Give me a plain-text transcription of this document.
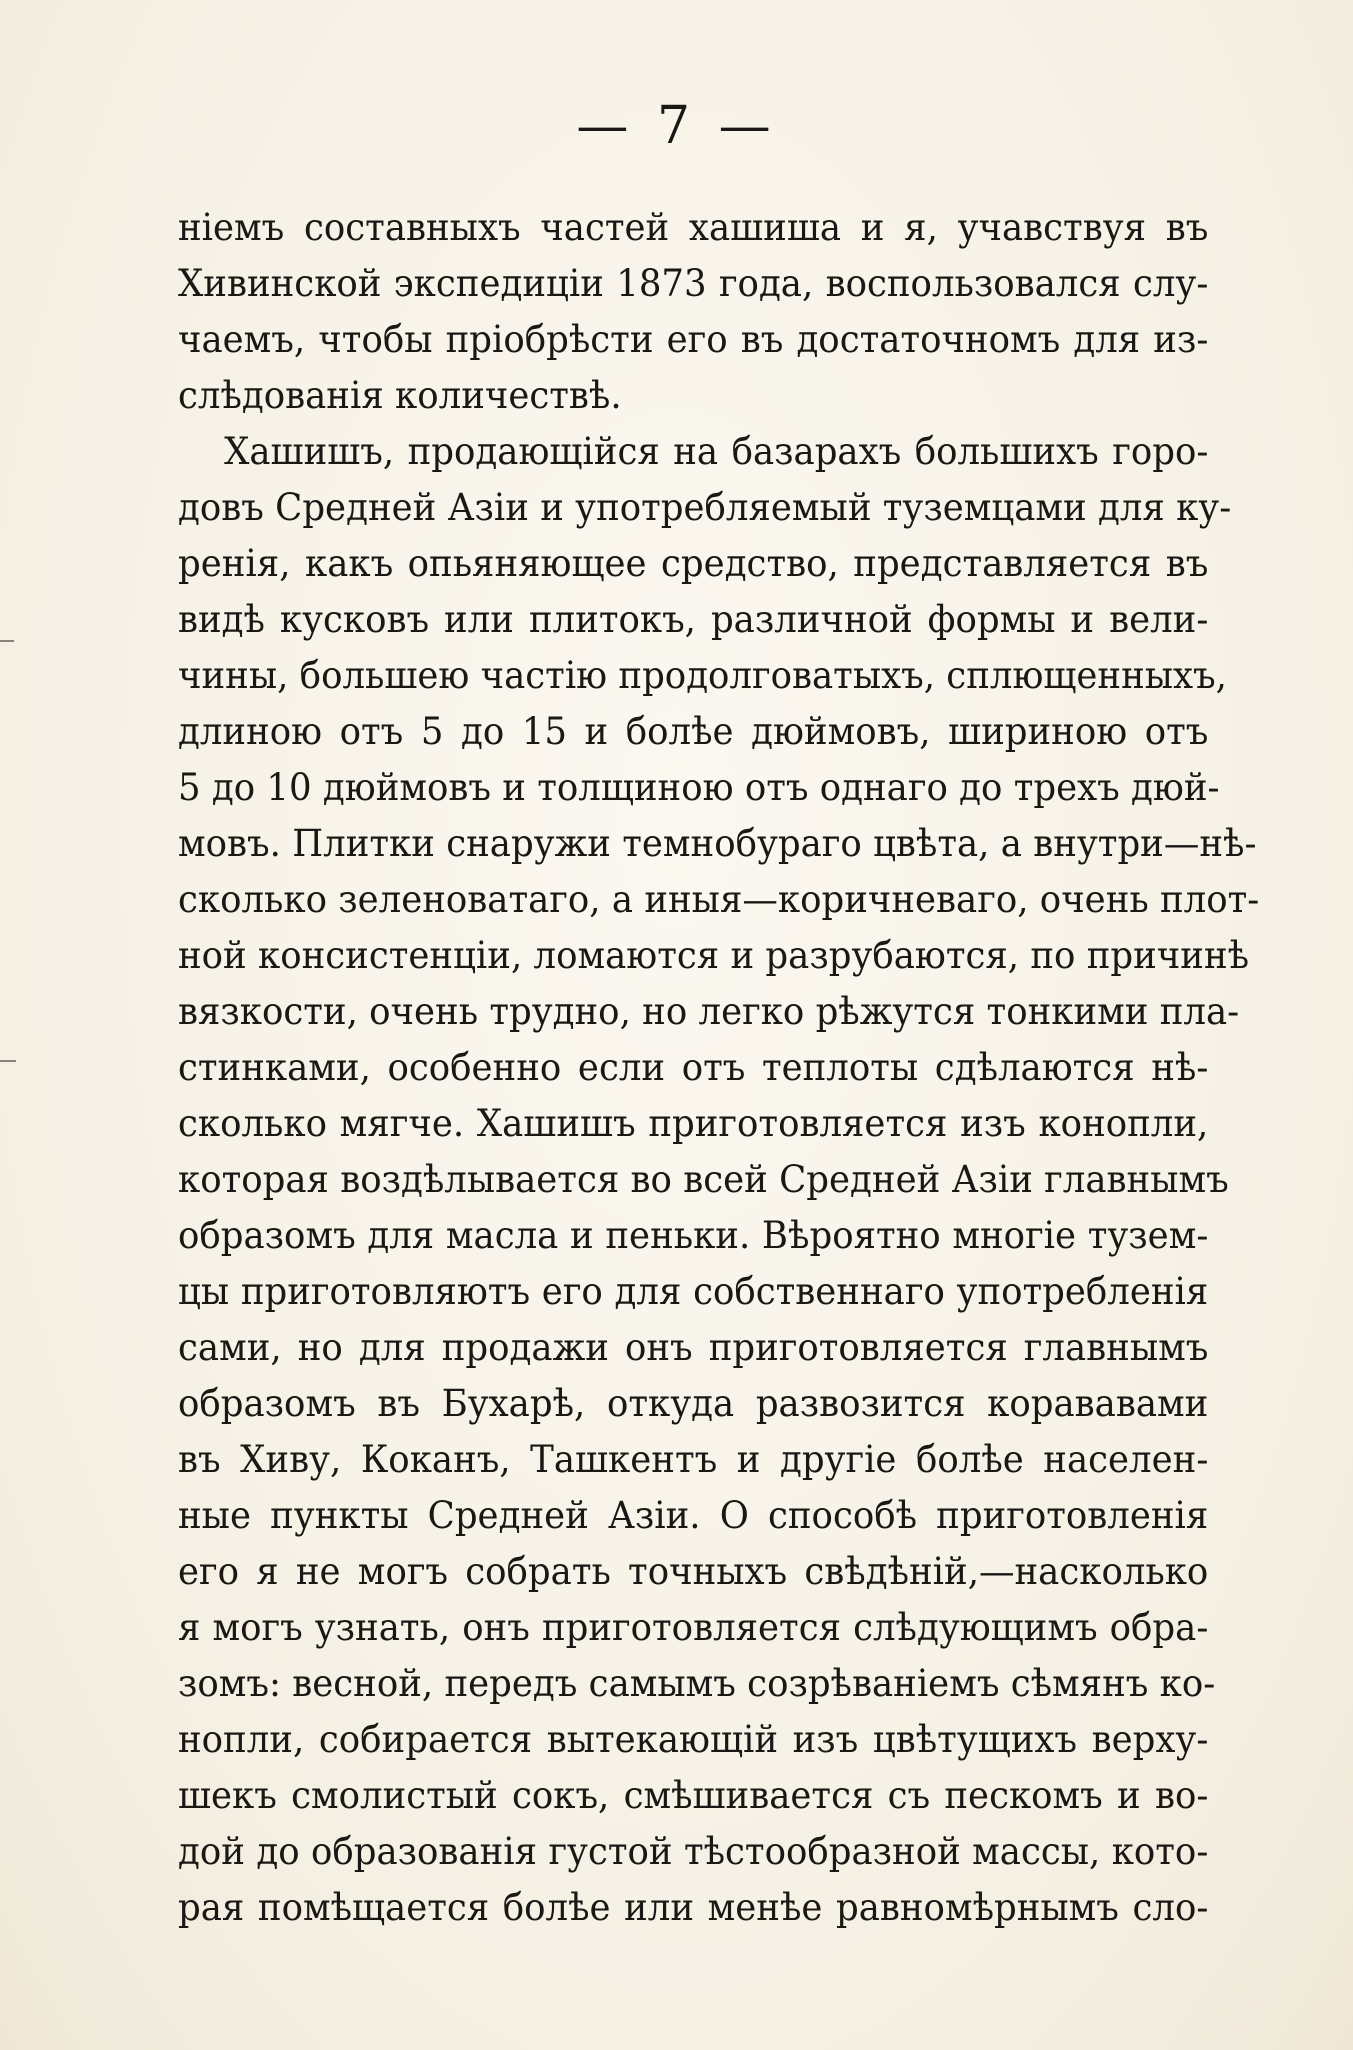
— 7 —
ніемъ составныхъ частей хашиша и я, учавствуя въ
Хивинской экспедиціи 1873 года, воспользовался слу-
чаемъ, чтобы пріобрѣсти его въ достаточномъ для из-
слѣдованія количествѣ.
Хашишъ, продающійся на базарахъ большихъ горо-
довъ Средней Азіи и употребляемый туземцами для ку-
ренія, какъ опьяняющее средство, представляется въ
видѣ кусковъ или плитокъ, различной формы и вели-
чины, большею частію продолговатыхъ, сплющенныхъ,
длиною отъ 5 до 15 и болѣе дюймовъ, шириною отъ
5 до 10 дюймовъ и толщиною отъ однаго до трехъ дюй-
мовъ. Плитки снаружи темнобураго цвѣта, а внутри—нѣ-
сколько зеленоватаго, а иныя—коричневаго, очень плот-
ной консистенціи, ломаются и разрубаются, по причинѣ
вязкости, очень трудно, но легко рѣжутся тонкими пла-
стинками, особенно если отъ теплоты сдѣлаются нѣ-
сколько мягче. Хашишъ приготовляется изъ конопли,
которая воздѣлывается во всей Средней Азіи главнымъ
образомъ для масла и пеньки. Вѣроятно многіе тузем-
цы приготовляютъ его для собственнаго употребленія
сами, но для продажи онъ приготовляется главнымъ
образомъ въ Бухарѣ, откуда развозится корававами
въ Хиву, Коканъ, Ташкентъ и другіе болѣе населен-
ные пункты Средней Азіи. О способѣ приготовленія
его я не могъ собрать точныхъ свѣдѣній,—насколько
я могъ узнать, онъ приготовляется слѣдующимъ обра-
зомъ: весной, передъ самымъ созрѣваніемъ сѣмянъ ко-
нопли, собирается вытекающій изъ цвѣтущихъ верху-
шекъ смолистый сокъ, смѣшивается съ пескомъ и во-
дой до образованія густой тѣстообразной массы, кото-
рая помѣщается болѣе или менѣе равномѣрнымъ сло-
